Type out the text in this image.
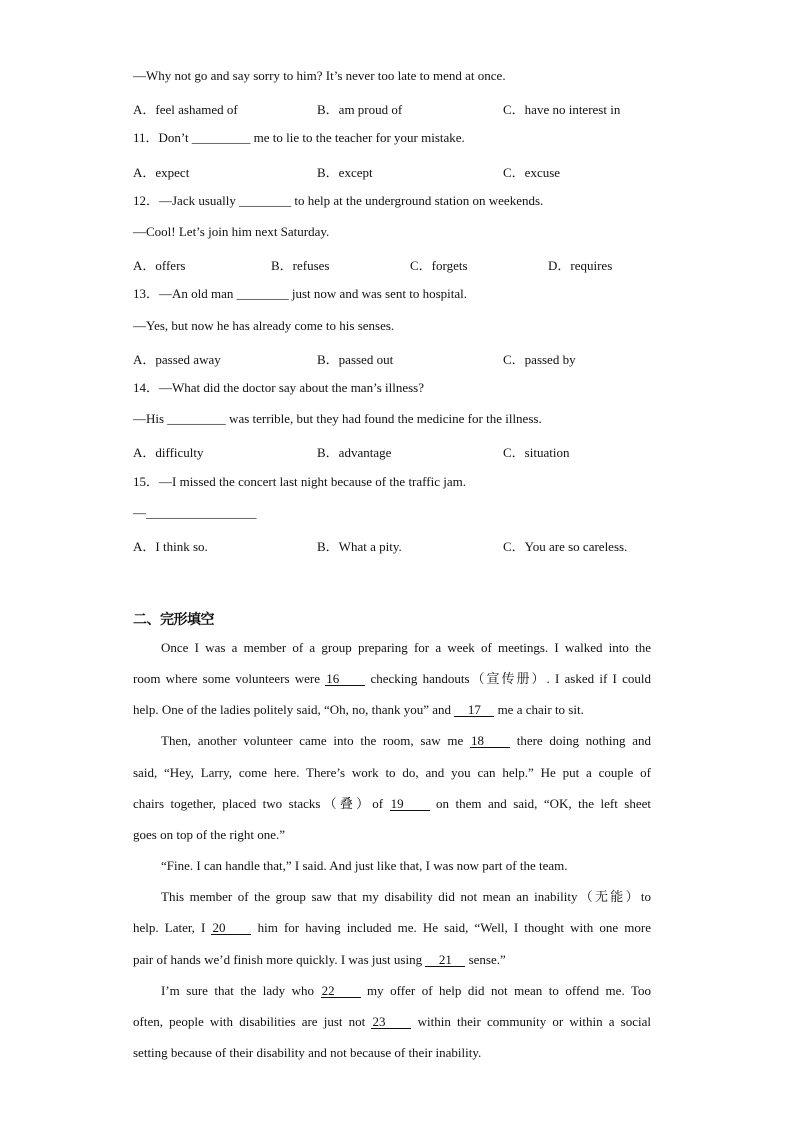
—Why not go and say sorry to him? It’s never too late to mend at once.
A．feel ashamed of	B．am proud of	C．have no interest in
11．Don’t _________ me to lie to the teacher for your mistake.
A．expect	B．except	C．excuse
12．—Jack usually ________ to help at the underground station on weekends.
—Cool! Let’s join him next Saturday.
A．offers	B．refuses	C．forgets	D．requires
13．—An old man ________ just now and was sent to hospital.
—Yes, but now he has already come to his senses.
A．passed away	B．passed out	C．passed by
14．—What did the doctor say about the man’s illness?
—His _________ was terrible, but they had found the medicine for the illness.
A．difficulty	B．advantage	C．situation
15．—I missed the concert last night because of the traffic jam.
—_________________
A．I think so.	B．What a pity.	C．You are so careless.
二、完形填空
Once I was a member of a group preparing for a week of meetings. I walked into the
room where some volunteers were 16 checking handouts（宣传册）. I asked if I could
help. One of the ladies politely said, “Oh, no, thank you” and 17 me a chair to sit.
Then, another volunteer came into the room, saw me 18 there doing nothing and
said, “Hey, Larry, come here. There’s work to do, and you can help.” He put a couple of
chairs together, placed two stacks（叠）of 19 on them and said, “OK, the left sheet
goes on top of the right one.”
“Fine. I can handle that,” I said. And just like that, I was now part of the team.
This member of the group saw that my disability did not mean an inability（无能）to
help. Later, I 20 him for having included me. He said, “Well, I thought with one more
pair of hands we’d finish more quickly. I was just using 21 sense.”
I’m sure that the lady who 22 my offer of help did not mean to offend me. Too
often, people with disabilities are just not 23 within their community or within a social
setting because of their disability and not because of their inability.
